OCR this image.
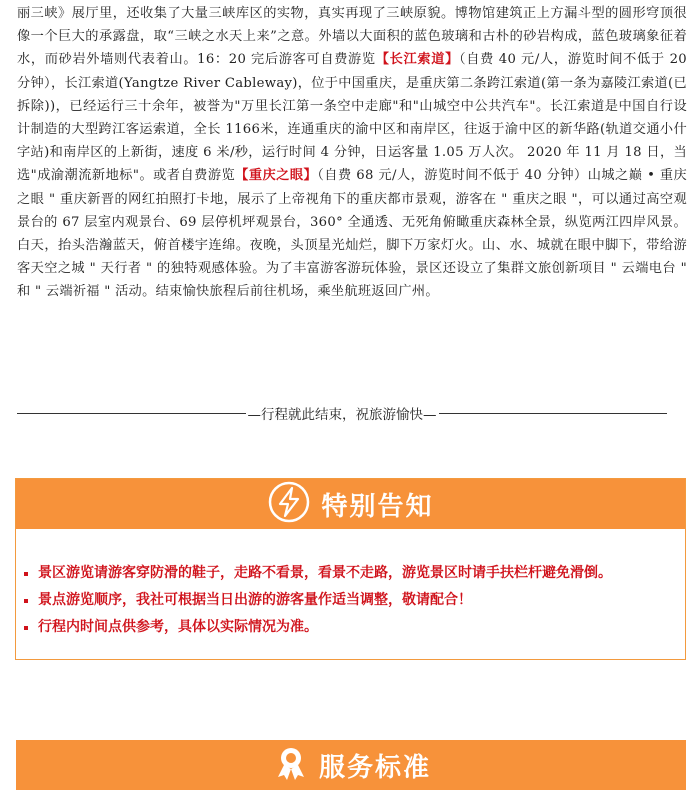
丽三峡》展厅里，还收集了大量三峡库区的实物，真实再现了三峡原貌。博物馆建筑正上方漏斗型的圆形穹顶很像一个巨大的承露盘，取“三峡之水天上来”之意。外墙以大面积的蓝色玻璃和古朴的砂岩构成，蓝色玻璃象征着水，而砂岩外墙则代表着山。16：20 完后游客可自费游览【长江索道】（自费 40 元/人，游览时间不低于 20 分钟），长江索道(Yangtze River Cableway)，位于中国重庆，是重庆第二条跨江索道(第一条为嘉陵江索道(已拆除))，已经运行三十余年，被誉为"万里长江第一条空中走廊"和"山城空中公共汽车"。长江索道是中国自行设计制造的大型跨江客运索道，全长 1166米，连通重庆的渝中区和南岸区，往返于渝中区的新华路(轨道交通小什字站)和南岸区的上新街，速度 6 米/秒，运行时间 4 分钟，日运客量 1.05 万人次。 2020 年 11 月 18 日，当选"成渝潮流新地标"。或者自费游览【重庆之眼】（自费 68 元/人，游览时间不低于 40 分钟）山城之巅 • 重庆之眼 " 重庆新晋的网红拍照打卡地，展示了上帝视角下的重庆都市景观，游客在 " 重庆之眼 "，可以通过高空观景台的 67 层室内观景台、69 层停机坪观景台，360° 全通透、无死角俯瞰重庆森林全景，纵览两江四岸风景。白天，抬头浩瀚蓝天，俯首楼宇连绵。夜晚，头顶星光灿烂，脚下万家灯火。山、水、城就在眼中脚下，带给游客天空之城 " 天行者 " 的独特观感体验。为了丰富游客游玩体验，景区还设立了集群文旅创新项目 " 云端电台 " 和 " 云端祈福 " 活动。结束愉快旅程后前往机场，乘坐航班返回广州。
—行程就此结束，祝旅游愉快—
特别告知
景区游览请游客穿防滑的鞋子，走路不看景，看景不走路，游览景区时请手扶栏杆避免滑倒。
景点游览顺序，我社可根据当日出游的游客量作适当调整，敬请配合！
行程内时间点供参考，具体以实际情况为准。
服务标准
